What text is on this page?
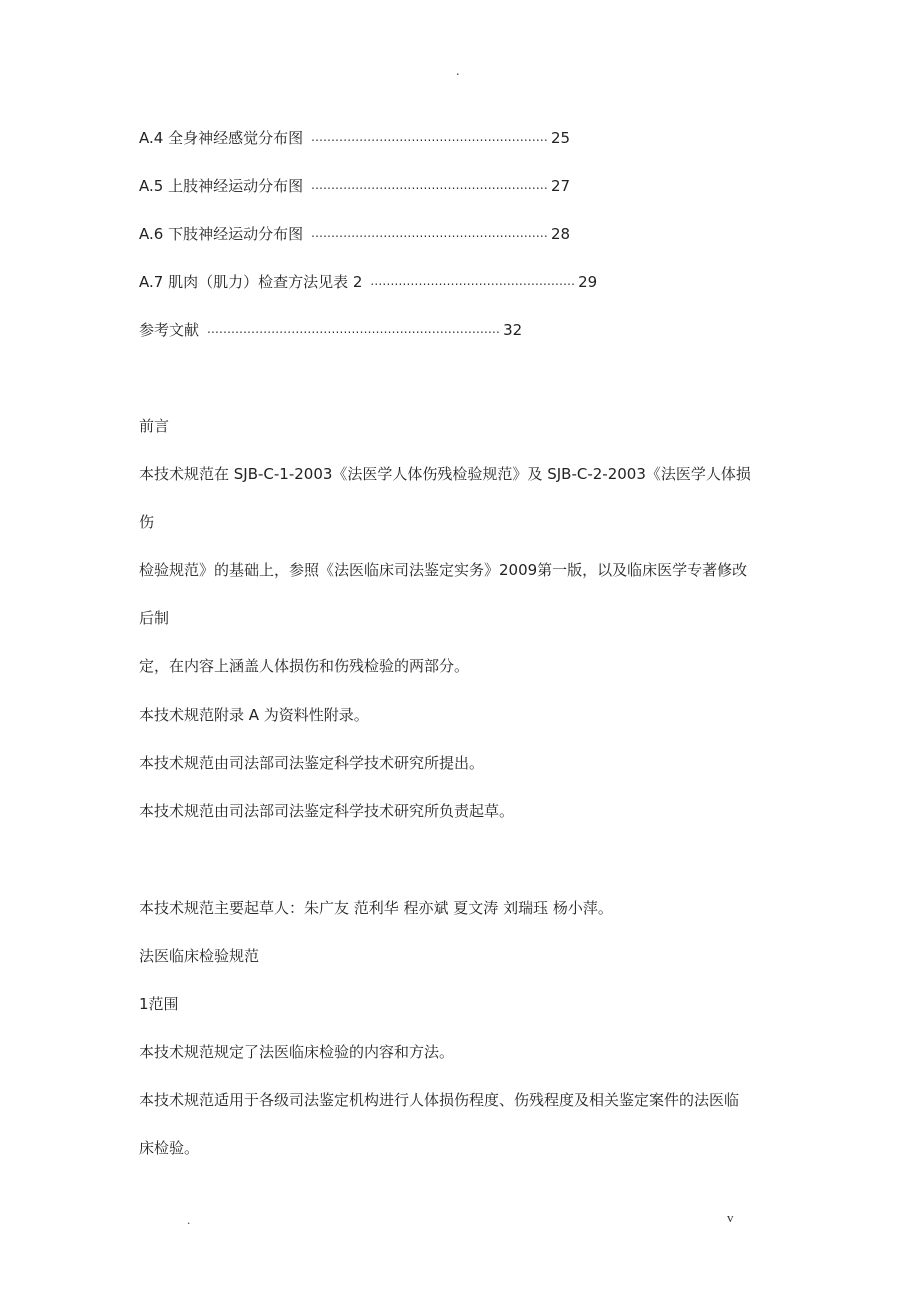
.
A.4 全身神经感觉分布图 ........................................................... 25
A.5 上肢神经运动分布图 ........................................................... 27
A.6 下肢神经运动分布图 ........................................................... 28
A.7 肌肉（肌力）检查方法见表 2 ................................................... 29
参考文献 ......................................................................... 32
前言
本技术规范在 SJB-C-1-2003《法医学人体伤残检验规范》及 SJB-C-2-2003《法医学人体损
伤
检验规范》的基础上，参照《法医临床司法鉴定实务》2009第一版，以及临床医学专著修改
后制
定，在内容上涵盖人体损伤和伤残检验的两部分。
本技术规范附录 A 为资料性附录。
本技术规范由司法部司法鉴定科学技术研究所提出。
本技术规范由司法部司法鉴定科学技术研究所负责起草。
本技术规范主要起草人：朱广友 范利华 程亦斌 夏文涛 刘瑞珏 杨小萍。
法医临床检验规范
1范围
本技术规范规定了法医临床检验的内容和方法。
本技术规范适用于各级司法鉴定机构进行人体损伤程度、伤残程度及相关鉴定案件的法医临
床检验。
.	v
